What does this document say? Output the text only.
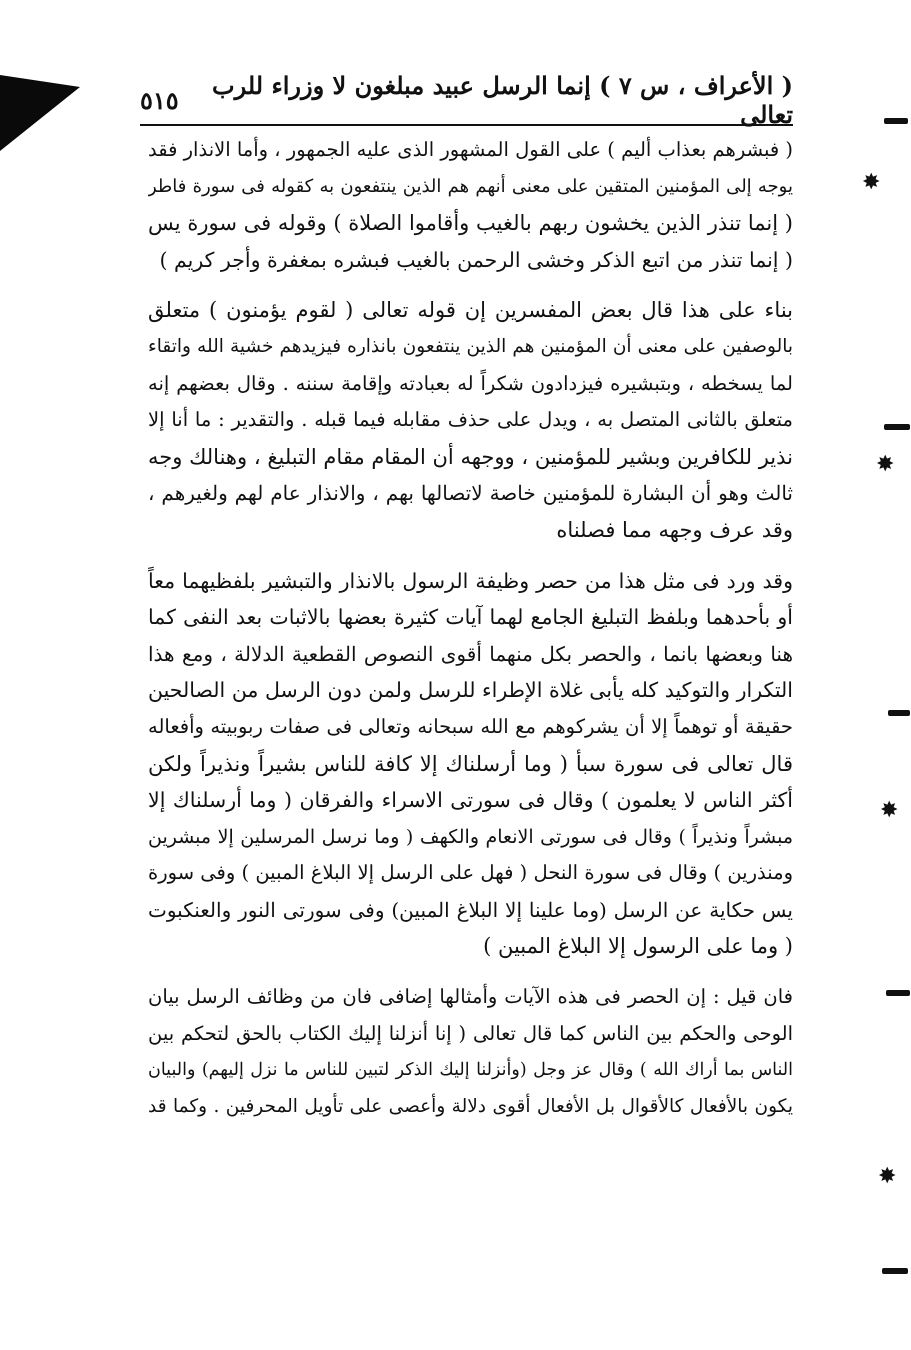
( الأعراف ، س ٧ ) إنما الرسل عبيد مبلغون لا وزراء للرب تعالى
٥١٥
( فبشرهم بعذاب أليم ) على القول المشهور الذى عليه الجمهور ، وأما الانذار فقد
يوجه إلى المؤمنين المتقين على معنى أنهم هم الذين ينتفعون به كقوله فى سورة فاطر
( إنما تنذر الذين يخشون ربهم بالغيب وأقاموا الصلاة ) وقوله فى سورة يس
( إنما تنذر من اتبع الذكر وخشى الرحمن بالغيب فبشره بمغفرة وأجر كريم )
بناء على هذا قال بعض المفسرين إن قوله تعالى ( لقوم يؤمنون ) متعلق
بالوصفين على معنى أن المؤمنين هم الذين ينتفعون بانذاره فيزيدهم خشية الله واتقاء
لما يسخطه ، وبتبشيره فيزدادون شكراً له بعبادته وإقامة سننه . وقال بعضهم إنه
متعلق بالثانى المتصل به ، ويدل على حذف مقابله فيما قبله . والتقدير : ما أنا إلا
نذير للكافرين وبشير للمؤمنين ، ووجهه أن المقام مقام التبليغ ، وهنالك وجه
ثالث وهو أن البشارة للمؤمنين خاصة لاتصالها بهم ، والانذار عام لهم ولغيرهم ،
وقد عرف وجهه مما فصلناه
وقد ورد فى مثل هذا من حصر وظيفة الرسول بالانذار والتبشير بلفظيهما معاً
أو بأحدهما وبلفظ التبليغ الجامع لهما آيات كثيرة بعضها بالاثبات بعد النفى كما
هنا وبعضها بانما ، والحصر بكل منهما أقوى النصوص القطعية الدلالة ، ومع هذا
التكرار والتوكيد كله يأبى غلاة الإطراء للرسل ولمن دون الرسل من الصالحين
حقيقة أو توهماً إلا أن يشركوهم مع الله سبحانه وتعالى فى صفات ربوبيته وأفعاله
قال تعالى فى سورة سبأ ( وما أرسلناك إلا كافة للناس بشيراً ونذيراً ولكن
أكثر الناس لا يعلمون ) وقال فى سورتى الاسراء والفرقان ( وما أرسلناك إلا
مبشراً ونذيراً ) وقال فى سورتى الانعام والكهف ( وما نرسل المرسلين إلا مبشرين
ومنذرين ) وقال فى سورة النحل ( فهل على الرسل إلا البلاغ المبين ) وفى سورة
يس حكاية عن الرسل (وما علينا إلا البلاغ المبين) وفى سورتى النور والعنكبوت
( وما على الرسول إلا البلاغ المبين )
فان قيل : إن الحصر فى هذه الآيات وأمثالها إضافى فان من وظائف الرسل بيان
الوحى والحكم بين الناس كما قال تعالى ( إنا أنزلنا إليك الكتاب بالحق لتحكم بين
الناس بما أراك الله ) وقال عز وجل (وأنزلنا إليك الذكر لتبين للناس ما نزل إليهم) والبيان
يكون بالأفعال كالأقوال بل الأفعال أقوى دلالة وأعصى على تأويل المحرفين . وكما قد
✸
✸
✸
✸
